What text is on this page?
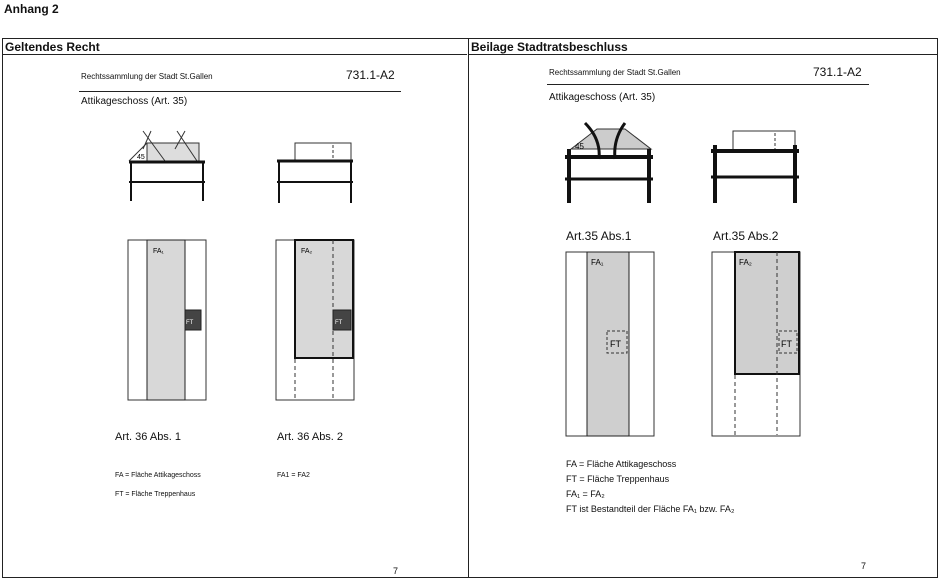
Anhang 2
Geltendes Recht	Beilage Stadtratsbeschluss
Rechtssammlung der Stadt St.Gallen	731.1-A2
Attikageschoss (Art. 35)
45
FA₁
FT
FA₂
FT
Art. 36 Abs. 1	Art. 36 Abs. 2
FA = Fläche Attikageschoss
FT = Fläche Treppenhaus
FA1 = FA2
7
Rechtssammlung der Stadt St.Gallen	731.1-A2
Attikageschoss (Art. 35)
45
Art.35 Abs.1	Art.35 Abs.2
FA₁
FT
FA₂
FT
FA = Fläche Attikageschoss
FT = Fläche Treppenhaus
FA₁ = FA₂
FT ist Bestandteil der Fläche FA₁ bzw. FA₂
7
